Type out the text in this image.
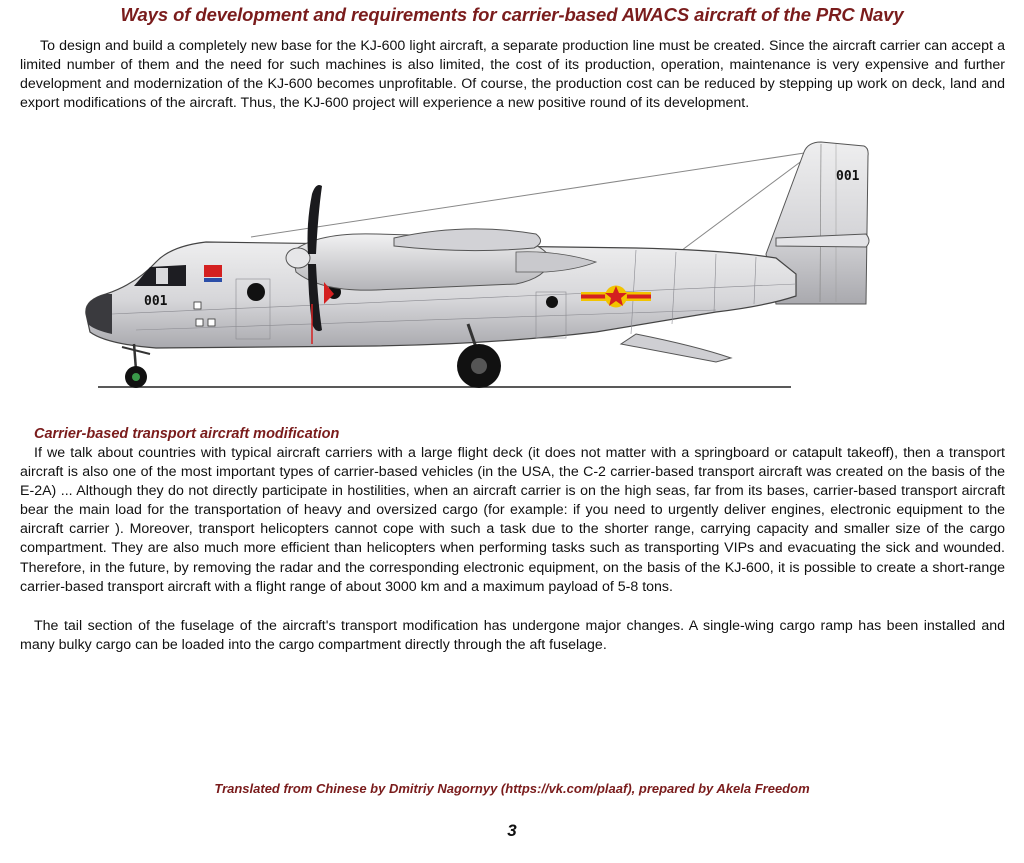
Ways of development and requirements for carrier-based AWACS aircraft of the PRC Navy
To design and build a completely new base for the KJ-600 light aircraft, a separate production line must be created. Since the aircraft carrier can accept a limited number of them and the need for such machines is also limited, the cost of its production, operation, maintenance is very expensive and further development and modernization of the KJ-600 becomes unprofitable. Of course, the production cost can be reduced by stepping up work on deck, land and export modifications of the aircraft. Thus, the KJ-600 project will experience a new positive round of its development.
001
001
Carrier-based transport aircraft modification
If we talk about countries with typical aircraft carriers with a large flight deck (it does not matter with a springboard or catapult takeoff), then a transport aircraft is also one of the most important types of carrier-based vehicles (in the USA, the C-2 carrier-based transport aircraft was created on the basis of the E-2A) ... Although they do not directly participate in hostilities, when an aircraft carrier is on the high seas, far from its bases, carrier-based transport aircraft bear the main load for the transportation of heavy and oversized cargo (for example: if you need to urgently deliver engines, electronic equipment to the aircraft carrier ). Moreover, transport helicopters cannot cope with such a task due to the shorter range, carrying capacity and smaller size of the cargo compartment. They are also much more efficient than helicopters when performing tasks such as transporting VIPs and evacuating the sick and wounded. Therefore, in the future, by removing the radar and the corresponding electronic equipment, on the basis of the KJ-600, it is possible to create a short-range carrier-based transport aircraft with a flight range of about 3000 km and a maximum payload of 5-8 tons.
The tail section of the fuselage of the aircraft's transport modification has undergone major changes. A single-wing cargo ramp has been installed and many bulky cargo can be loaded into the cargo compartment directly through the aft fuselage.
Translated from Chinese by Dmitriy Nagornyy (https://vk.com/plaaf), prepared by Akela Freedom
3
